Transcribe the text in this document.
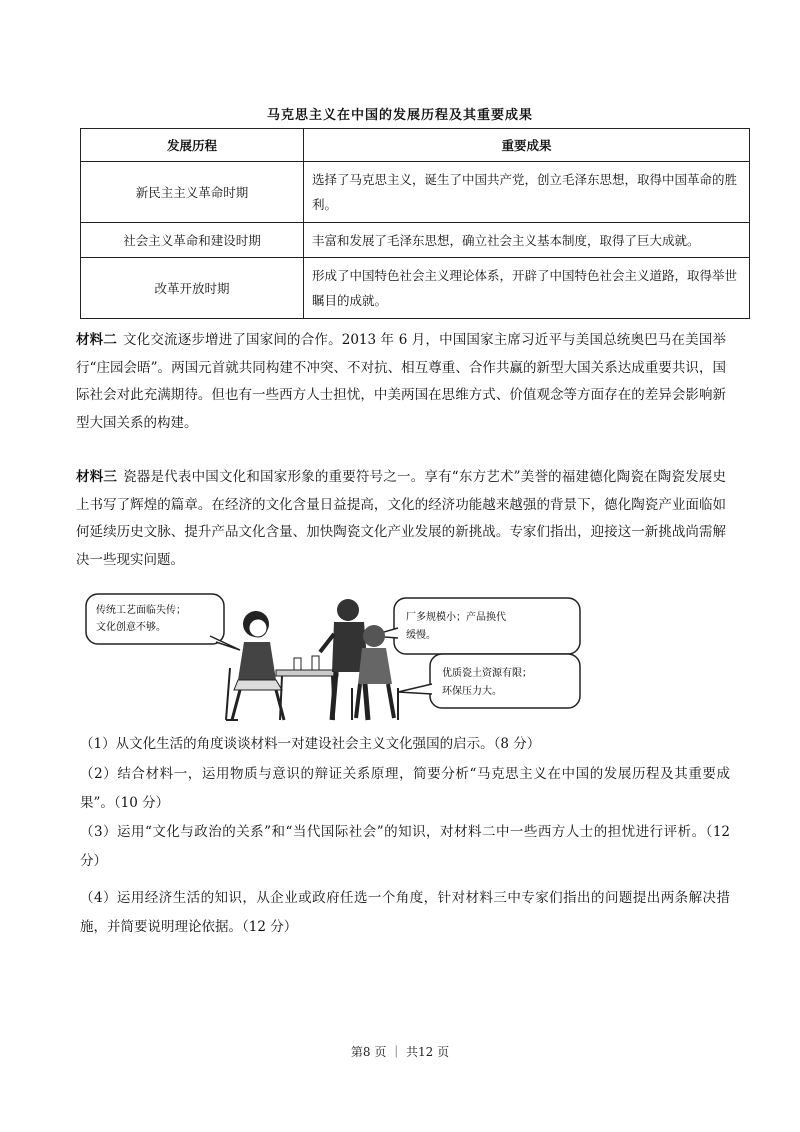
马克思主义在中国的发展历程及其重要成果
发展历程	重要成果
新民主主义革命时期	选择了马克思主义，诞生了中国共产党，创立毛泽东思想，取得中国革命的胜利。
社会主义革命和建设时期	丰富和发展了毛泽东思想，确立社会主义基本制度，取得了巨大成就。
改革开放时期	形成了中国特色社会主义理论体系，开辟了中国特色社会主义道路，取得举世瞩目的成就。
材料二 文化交流逐步增进了国家间的合作。2013 年 6 月，中国国家主席习近平与美国总统奥巴马在美国举行“庄园会晤”。两国元首就共同构建不冲突、不对抗、相互尊重、合作共赢的新型大国关系达成重要共识，国际社会对此充满期待。但也有一些西方人士担忧，中美两国在思维方式、价值观念等方面存在的差异会影响新型大国关系的构建。
材料三 瓷器是代表中国文化和国家形象的重要符号之一。享有“东方艺术”美誉的福建德化陶瓷在陶瓷发展史上书写了辉煌的篇章。在经济的文化含量日益提高，文化的经济功能越来越强的背景下，德化陶瓷产业面临如何延续历史文脉、提升产品文化含量、加快陶瓷文化产业发展的新挑战。专家们指出，迎接这一新挑战尚需解决一些现实问题。
传统工艺面临失传；
文化创意不够。
厂多规模小；产品换代
缓慢。
优质瓷土资源有限；
环保压力大。
（1）从文化生活的角度谈谈材料一对建设社会主义文化强国的启示。（8 分）
（2）结合材料一，运用物质与意识的辩证关系原理，简要分析“马克思主义在中国的发展历程及其重要成果”。（10 分）
（3）运用“文化与政治的关系”和“当代国际社会”的知识，对材料二中一些西方人士的担忧进行评析。（12 分）
（4）运用经济生活的知识，从企业或政府任选一个角度，针对材料三中专家们指出的问题提出两条解决措施，并简要说明理论依据。（12 分）
第8 页 ｜ 共12 页
